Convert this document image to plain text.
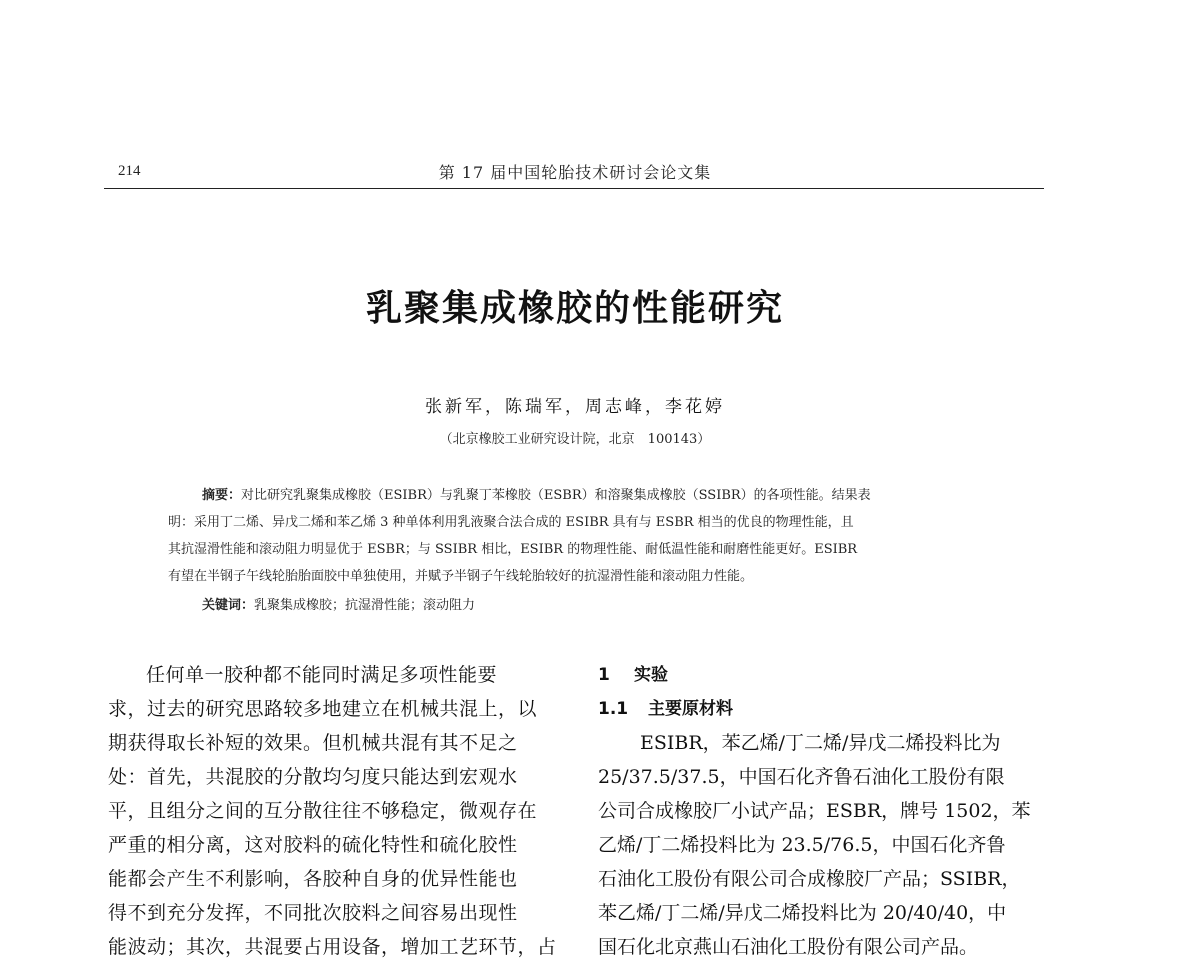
214	第 17 届中国轮胎技术研讨会论文集
乳聚集成橡胶的性能研究
张新军，陈瑞军，周志峰，李花婷
（北京橡胶工业研究设计院，北京　100143）
摘要：对比研究乳聚集成橡胶（ESIBR）与乳聚丁苯橡胶（ESBR）和溶聚集成橡胶（SSIBR）的各项性能。结果表
明：采用丁二烯、异戊二烯和苯乙烯 3 种单体利用乳液聚合法合成的 ESIBR 具有与 ESBR 相当的优良的物理性能，且
其抗湿滑性能和滚动阻力明显优于 ESBR；与 SSIBR 相比，ESIBR 的物理性能、耐低温性能和耐磨性能更好。ESIBR
有望在半钢子午线轮胎胎面胶中单独使用，并赋予半钢子午线轮胎较好的抗湿滑性能和滚动阻力性能。
关键词：乳聚集成橡胶；抗湿滑性能；滚动阻力
任何单一胶种都不能同时满足多项性能要
求，过去的研究思路较多地建立在机械共混上，以
期获得取长补短的效果。但机械共混有其不足之
处：首先，共混胶的分散均匀度只能达到宏观水
平，且组分之间的互分散往往不够稳定，微观存在
严重的相分离，这对胶料的硫化特性和硫化胶性
能都会产生不利影响，各胶种自身的优异性能也
得不到充分发挥，不同批次胶料之间容易出现性
能波动；其次，共混要占用设备，增加工艺环节，占
1 实验
1.1 主要原材料
ESIBR，苯乙烯/丁二烯/异戊二烯投料比为
25/37.5/37.5，中国石化齐鲁石油化工股份有限
公司合成橡胶厂小试产品；ESBR，牌号 1502，苯
乙烯/丁二烯投料比为 23.5/76.5，中国石化齐鲁
石油化工股份有限公司合成橡胶厂产品；SSIBR，
苯乙烯/丁二烯/异戊二烯投料比为 20/40/40，中
国石化北京燕山石油化工股份有限公司产品。
